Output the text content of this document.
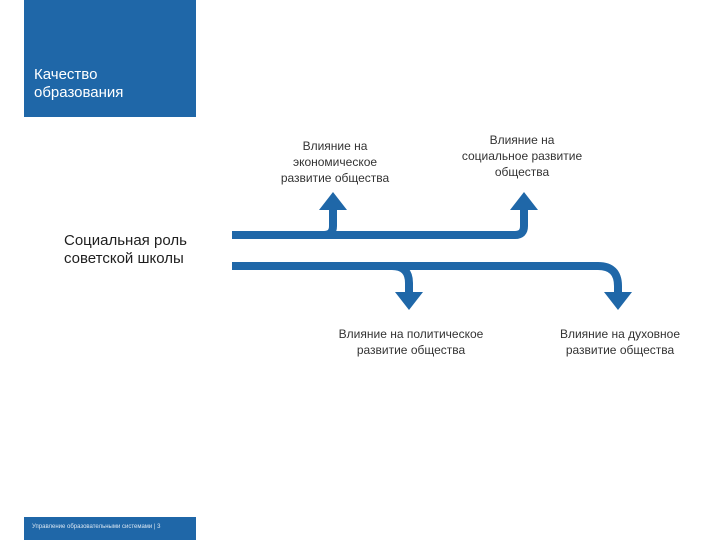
Качество
образования
Управление образовательными системами | 3
Социальная роль
советской школы
Влияние на
экономическое
развитие общества
Влияние на
социальное развитие
общества
Влияние на политическое
развитие общества
Влияние на духовное
развитие общества
